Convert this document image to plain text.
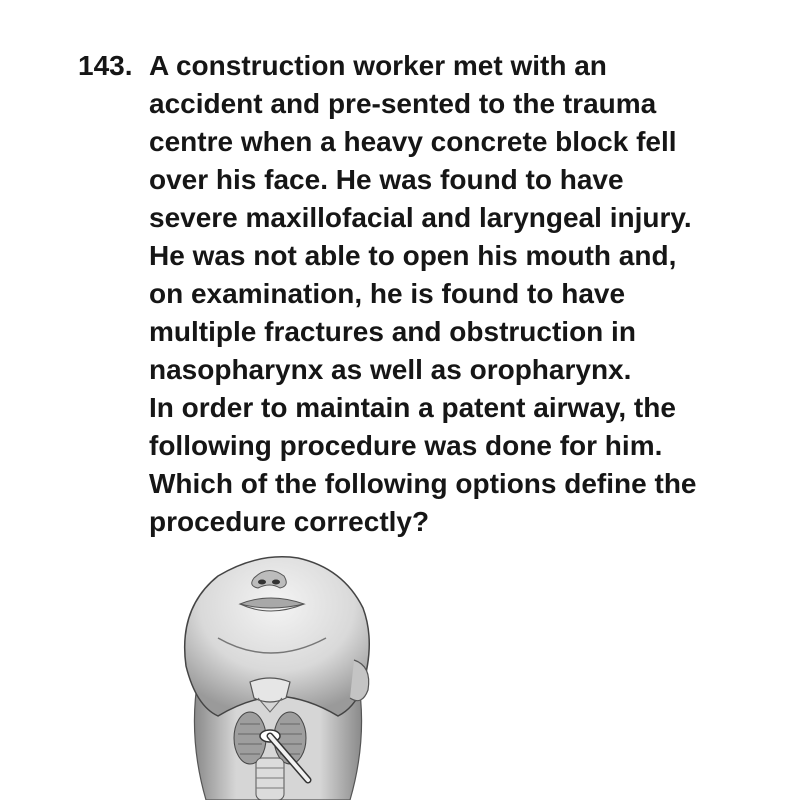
143. A construction worker met with an
accident and pre-sented to the trauma
centre when a heavy concrete block fell
over his face. He was found to have
severe maxillofacial and laryngeal injury.
He was not able to open his mouth and,
on examination, he is found to have
multiple fractures and obstruction in
nasopharynx as well as oropharynx.
In order to maintain a patent airway, the
following procedure was done for him.
Which of the following options define the
procedure correctly?
